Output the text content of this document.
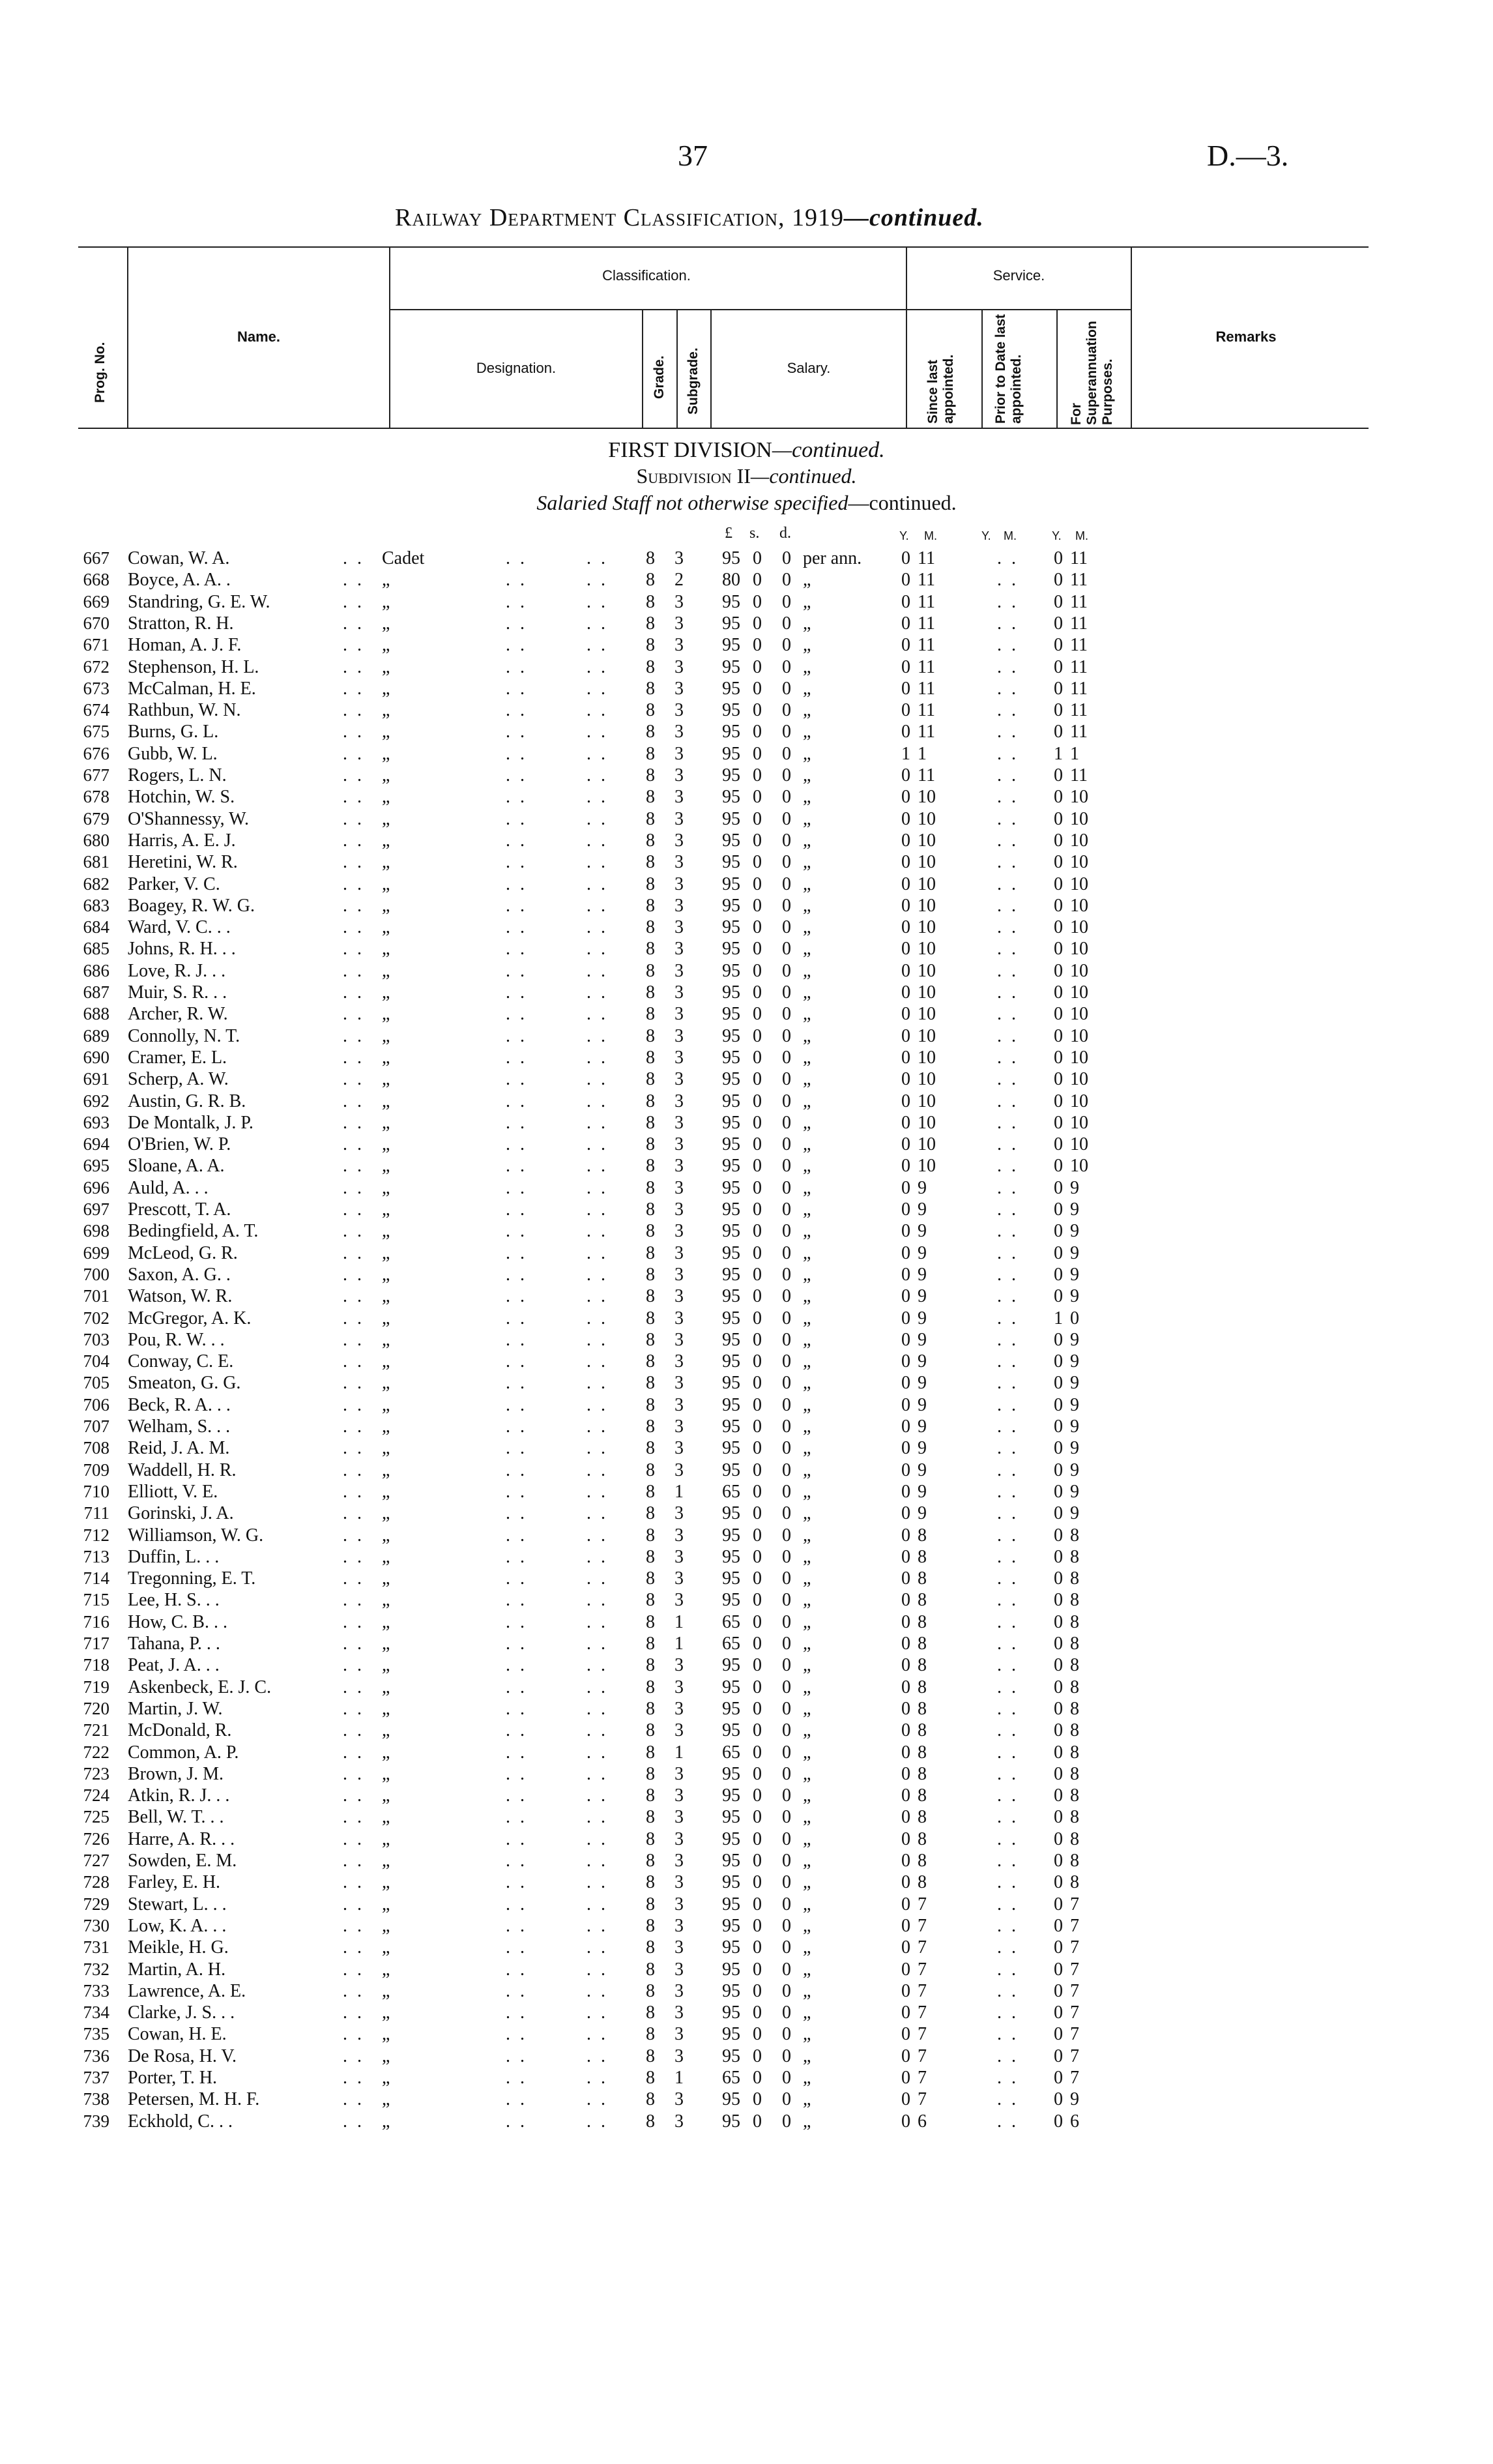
37	D.—3.
Railway Department Classification, 1919—continued.
Prog. No.
Name.
Classification.
Designation.	Grade. Subgrade.	Salary.
Service.
Since last appointed.	Prior to Date last appointed.	For Superannuation Purposes.
Remarks
FIRST DIVISION—continued.
Subdivision II—continued.
Salaried Staff not otherwise specified—continued.
£ s. d.	Y. M.	Y. M.	Y. M.
667 Cowan, W. A.	. . Cadet	. .	. . 8 3	95 0 0 per ann. 0 11	. . 0 11
668 Boyce, A. A. .	. . „	. .	. . 8 2	80 0 0 „	0 11	. . 0 11
669 Standring, G. E. W.	. . „	. .	. . 8 3	95 0 0 „	0 11	. . 0 11
670 Stratton, R. H.	. . „	. .	. . 8 3	95 0 0 „	0 11	. . 0 11
671 Homan, A. J. F.	. . „	. .	. . 8 3	95 0 0 „	0 11	. . 0 11
672 Stephenson, H. L.	. . „	. .	. . 8 3	95 0 0 „	0 11	. . 0 11
673 McCalman, H. E.	. . „	. .	. . 8 3	95 0 0 „	0 11	. . 0 11
674 Rathbun, W. N.	. . „	. .	. . 8 3	95 0 0 „	0 11	. . 0 11
675 Burns, G. L.	. . „	. .	. . 8 3	95 0 0 „	0 11	. . 0 11
676 Gubb, W. L.	. . „	. .	. . 8 3	95 0 0 „	1 1	. . 1 1
677 Rogers, L. N.	. . „	. .	. . 8 3	95 0 0 „	0 11	. . 0 11
678 Hotchin, W. S.	. . „	. .	. . 8 3	95 0 0 „	0 10	. . 0 10
679 O'Shannessy, W.	. . „	. .	. . 8 3	95 0 0 „	0 10	. . 0 10
680 Harris, A. E. J.	. . „	. .	. . 8 3	95 0 0 „	0 10	. . 0 10
681 Heretini, W. R.	. . „	. .	. . 8 3	95 0 0 „	0 10	. . 0 10
682 Parker, V. C.	. . „	. .	. . 8 3	95 0 0 „	0 10	. . 0 10
683 Boagey, R. W. G.	. . „	. .	. . 8 3	95 0 0 „	0 10	. . 0 10
684 Ward, V. C. . .	. . „	. .	. . 8 3	95 0 0 „	0 10	. . 0 10
685 Johns, R. H. . .	. . „	. .	. . 8 3	95 0 0 „	0 10	. . 0 10
686 Love, R. J. . .	. . „	. .	. . 8 3	95 0 0 „	0 10	. . 0 10
687 Muir, S. R. . .	. . „	. .	. . 8 3	95 0 0 „	0 10	. . 0 10
688 Archer, R. W.	. . „	. .	. . 8 3	95 0 0 „	0 10	. . 0 10
689 Connolly, N. T.	. . „	. .	. . 8 3	95 0 0 „	0 10	. . 0 10
690 Cramer, E. L.	. . „	. .	. . 8 3	95 0 0 „	0 10	. . 0 10
691 Scherp, A. W.	. . „	. .	. . 8 3	95 0 0 „	0 10	. . 0 10
692 Austin, G. R. B.	. . „	. .	. . 8 3	95 0 0 „	0 10	. . 0 10
693 De Montalk, J. P.	. . „	. .	. . 8 3	95 0 0 „	0 10	. . 0 10
694 O'Brien, W. P.	. . „	. .	. . 8 3	95 0 0 „	0 10	. . 0 10
695 Sloane, A. A.	. . „	. .	. . 8 3	95 0 0 „	0 10	. . 0 10
696 Auld, A. . .	. . „	. .	. . 8 3	95 0 0 „	0 9	. . 0 9
697 Prescott, T. A.	. . „	. .	. . 8 3	95 0 0 „	0 9	. . 0 9
698 Bedingfield, A. T.	. . „	. .	. . 8 3	95 0 0 „	0 9	. . 0 9
699 McLeod, G. R.	. . „	. .	. . 8 3	95 0 0 „	0 9	. . 0 9
700 Saxon, A. G. .	. . „	. .	. . 8 3	95 0 0 „	0 9	. . 0 9
701 Watson, W. R.	. . „	. .	. . 8 3	95 0 0 „	0 9	. . 0 9
702 McGregor, A. K.	. . „	. .	. . 8 3	95 0 0 „	0 9	. . 1 0
703 Pou, R. W. . .	. . „	. .	. . 8 3	95 0 0 „	0 9	. . 0 9
704 Conway, C. E.	. . „	. .	. . 8 3	95 0 0 „	0 9	. . 0 9
705 Smeaton, G. G.	. . „	. .	. . 8 3	95 0 0 „	0 9	. . 0 9
706 Beck, R. A. . .	. . „	. .	. . 8 3	95 0 0 „	0 9	. . 0 9
707 Welham, S. . .	. . „	. .	. . 8 3	95 0 0 „	0 9	. . 0 9
708 Reid, J. A. M.	. . „	. .	. . 8 3	95 0 0 „	0 9	. . 0 9
709 Waddell, H. R.	. . „	. .	. . 8 3	95 0 0 „	0 9	. . 0 9
710 Elliott, V. E.	. . „	. .	. . 8 1	65 0 0 „	0 9	. . 0 9
711 Gorinski, J. A.	. . „	. .	. . 8 3	95 0 0 „	0 9	. . 0 9
712 Williamson, W. G.	. . „	. .	. . 8 3	95 0 0 „	0 8	. . 0 8
713 Duffin, L. . .	. . „	. .	. . 8 3	95 0 0 „	0 8	. . 0 8
714 Tregonning, E. T.	. . „	. .	. . 8 3	95 0 0 „	0 8	. . 0 8
715 Lee, H. S. . .	. . „	. .	. . 8 3	95 0 0 „	0 8	. . 0 8
716 How, C. B. . .	. . „	. .	. . 8 1	65 0 0 „	0 8	. . 0 8
717 Tahana, P. . .	. . „	. .	. . 8 1	65 0 0 „	0 8	. . 0 8
718 Peat, J. A. . .	. . „	. .	. . 8 3	95 0 0 „	0 8	. . 0 8
719 Askenbeck, E. J. C.	. . „	. .	. . 8 3	95 0 0 „	0 8	. . 0 8
720 Martin, J. W.	. . „	. .	. . 8 3	95 0 0 „	0 8	. . 0 8
721 McDonald, R.	. . „	. .	. . 8 3	95 0 0 „	0 8	. . 0 8
722 Common, A. P.	. . „	. .	. . 8 1	65 0 0 „	0 8	. . 0 8
723 Brown, J. M.	. . „	. .	. . 8 3	95 0 0 „	0 8	. . 0 8
724 Atkin, R. J. . .	. . „	. .	. . 8 3	95 0 0 „	0 8	. . 0 8
725 Bell, W. T. . .	. . „	. .	. . 8 3	95 0 0 „	0 8	. . 0 8
726 Harre, A. R. . .	. . „	. .	. . 8 3	95 0 0 „	0 8	. . 0 8
727 Sowden, E. M.	. . „	. .	. . 8 3	95 0 0 „	0 8	. . 0 8
728 Farley, E. H.	. . „	. .	. . 8 3	95 0 0 „	0 8	. . 0 8
729 Stewart, L. . .	. . „	. .	. . 8 3	95 0 0 „	0 7	. . 0 7
730 Low, K. A. . .	. . „	. .	. . 8 3	95 0 0 „	0 7	. . 0 7
731 Meikle, H. G.	. . „	. .	. . 8 3	95 0 0 „	0 7	. . 0 7
732 Martin, A. H.	. . „	. .	. . 8 3	95 0 0 „	0 7	. . 0 7
733 Lawrence, A. E.	. . „	. .	. . 8 3	95 0 0 „	0 7	. . 0 7
734 Clarke, J. S. . .	. . „	. .	. . 8 3	95 0 0 „	0 7	. . 0 7
735 Cowan, H. E.	. . „	. .	. . 8 3	95 0 0 „	0 7	. . 0 7
736 De Rosa, H. V.	. . „	. .	. . 8 3	95 0 0 „	0 7	. . 0 7
737 Porter, T. H.	. . „	. .	. . 8 1	65 0 0 „	0 7	. . 0 7
738 Petersen, M. H. F.	. . „	. .	. . 8 3	95 0 0 „	0 7	. . 0 9
739 Eckhold, C. . .	. . „	. .	. . 8 3	95 0 0 „	0 6	. . 0 6
